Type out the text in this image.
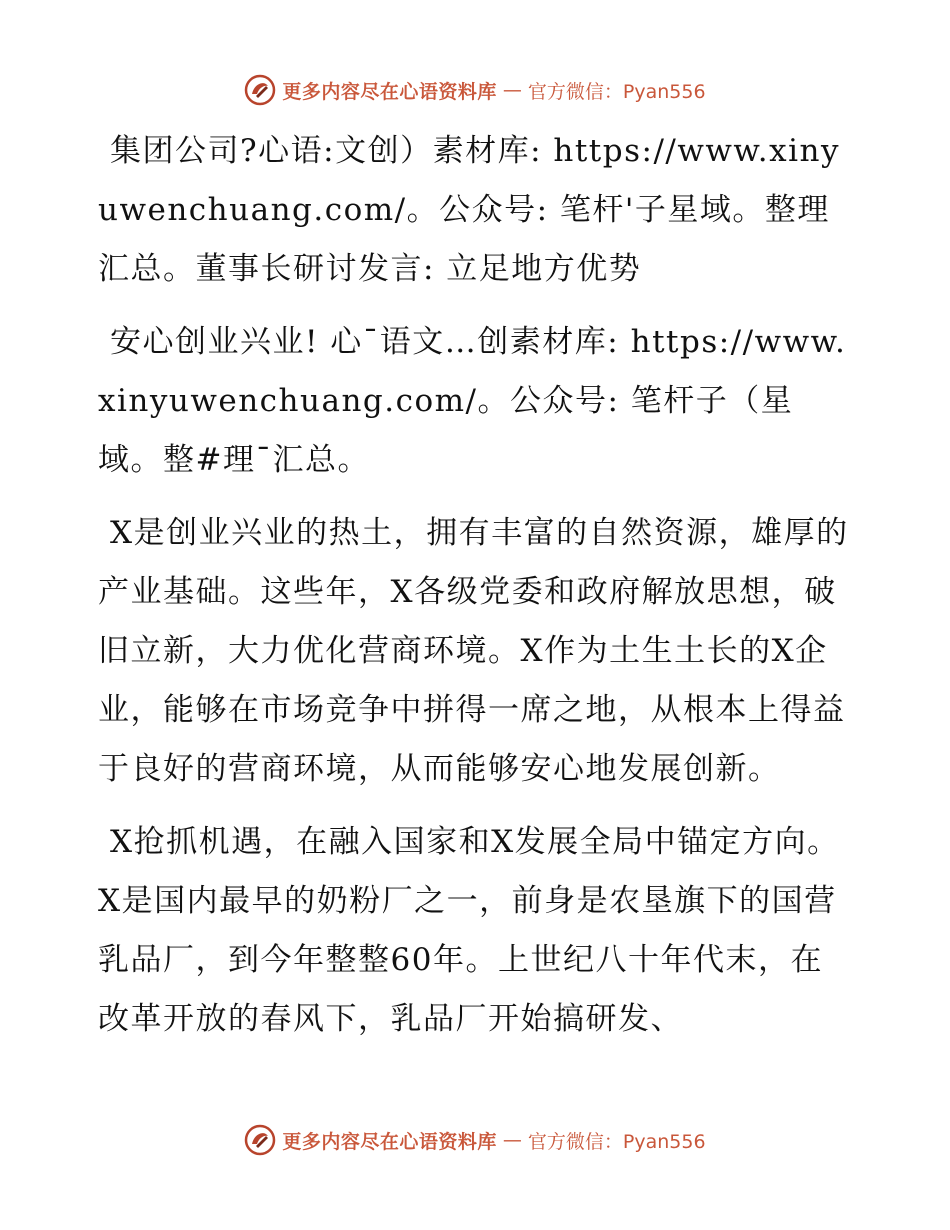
更多内容尽在心语资料库 — 官方微信：Pyan556

集团公司?心语:文创）素材库: https://www.xinyuwenchuang.com/。公众号: 笔杆'子星域。整理汇总。董事长研讨发言: 立足地方优势

安心创业兴业! 心¯语文…创素材库: https://www.xinyuwenchuang.com/。公众号: 笔杆子（星域。整#理¯汇总。

X是创业兴业的热土，拥有丰富的自然资源，雄厚的产业基础。这些年，X各级党委和政府解放思想，破旧立新，大力优化营商环境。X作为土生土长的X企业，能够在市场竞争中拼得一席之地，从根本上得益于良好的营商环境，从而能够安心地发展创新。

X抢抓机遇，在融入国家和X发展全局中锚定方向。X是国内最早的奶粉厂之一，前身是农垦旗下的国营乳品厂，到今年整整60年。上世纪八十年代末，在改革开放的春风下，乳品厂开始搞研发、

更多内容尽在心语资料库 — 官方微信：Pyan556
